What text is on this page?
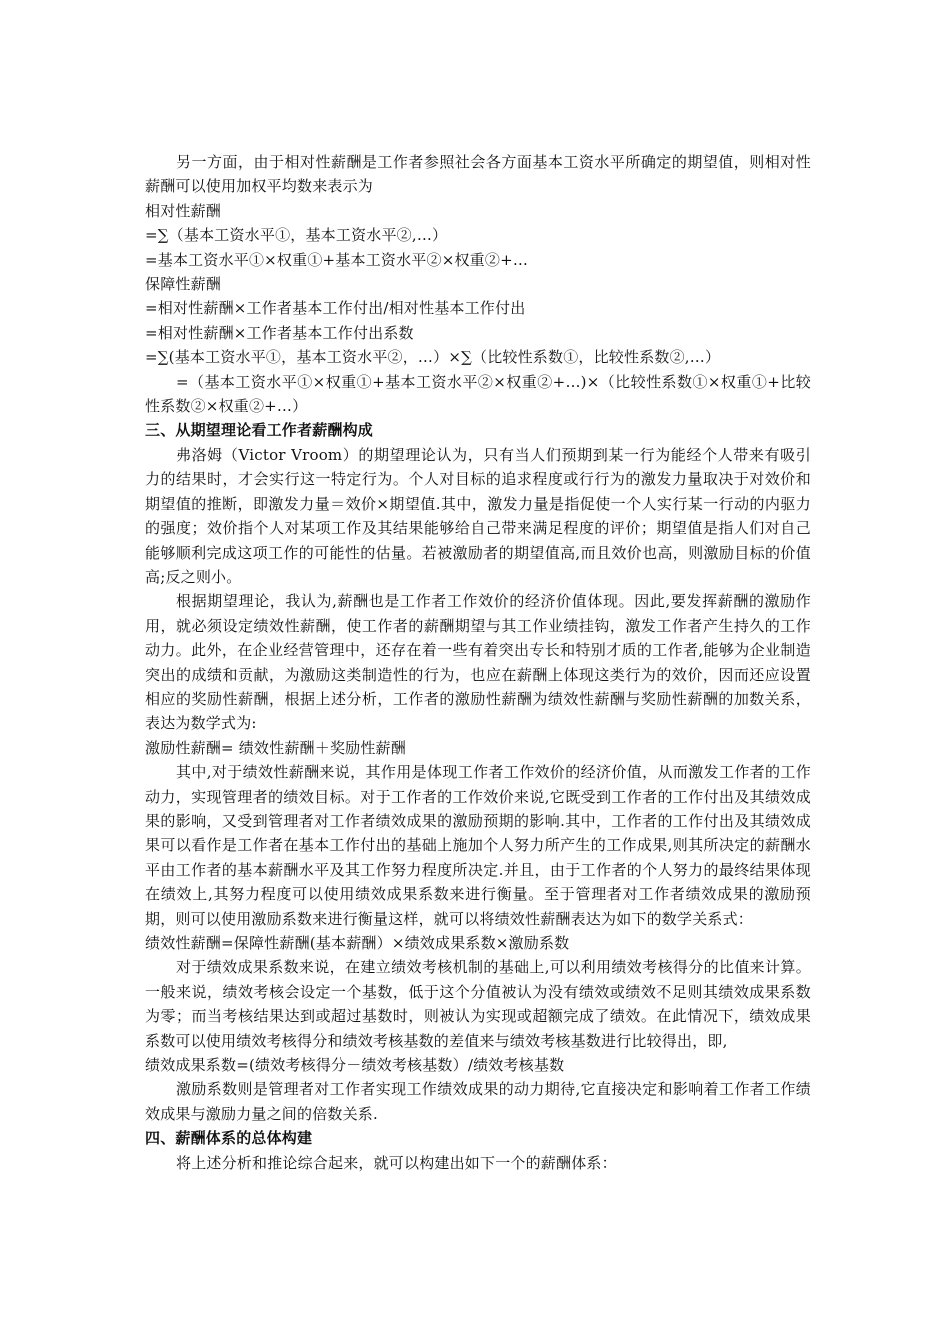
另一方面，由于相对性薪酬是工作者参照社会各方面基本工资水平所确定的期望值，则相对性薪酬可以使用加权平均数来表示为

相对性薪酬

=∑（基本工资水平①，基本工资水平②,…）

=基本工资水平①×权重①+基本工资水平②×权重②+…

保障性薪酬

=相对性薪酬×工作者基本工作付出/相对性基本工作付出

=相对性薪酬×工作者基本工作付出系数

=∑(基本工资水平①，基本工资水平②，…）×∑（比较性系数①，比较性系数②,…）

=（基本工资水平①×权重①+基本工资水平②×权重②+…)×（比较性系数①×权重①+比较性系数②×权重②+…）

三、从期望理论看工作者薪酬构成

弗洛姆（Victor Vroom）的期望理论认为，只有当人们预期到某一行为能经个人带来有吸引力的结果时，才会实行这一特定行为。个人对目标的追求程度或行行为的激发力量取决于对效价和期望值的推断，即激发力量＝效价×期望值.其中，激发力量是指促使一个人实行某一行动的内驱力的强度；效价指个人对某项工作及其结果能够给自己带来满足程度的评价；期望值是指人们对自己能够顺利完成这项工作的可能性的估量。若被激励者的期望值高,而且效价也高，则激励目标的价值高;反之则小。

根据期望理论，我认为,薪酬也是工作者工作效价的经济价值体现。因此,要发挥薪酬的激励作用，就必须设定绩效性薪酬，使工作者的薪酬期望与其工作业绩挂钩，激发工作者产生持久的工作动力。此外，在企业经营管理中，还存在着一些有着突出专长和特别才质的工作者,能够为企业制造突出的成绩和贡献，为激励这类制造性的行为，也应在薪酬上体现这类行为的效价，因而还应设置相应的奖励性薪酬，根据上述分析，工作者的激励性薪酬为绩效性薪酬与奖励性薪酬的加数关系，表达为数学式为:

激励性薪酬= 绩效性薪酬＋奖励性薪酬

其中,对于绩效性薪酬来说，其作用是体现工作者工作效价的经济价值，从而激发工作者的工作动力，实现管理者的绩效目标。对于工作者的工作效价来说,它既受到工作者的工作付出及其绩效成果的影响，又受到管理者对工作者绩效成果的激励预期的影响.其中，工作者的工作付出及其绩效成果可以看作是工作者在基本工作付出的基础上施加个人努力所产生的工作成果,则其所决定的薪酬水平由工作者的基本薪酬水平及其工作努力程度所决定.并且，由于工作者的个人努力的最终结果体现在绩效上,其努力程度可以使用绩效成果系数来进行衡量。至于管理者对工作者绩效成果的激励预期，则可以使用激励系数来进行衡量这样，就可以将绩效性薪酬表达为如下的数学关系式：

绩效性薪酬=保障性薪酬(基本薪酬）×绩效成果系数×激励系数

对于绩效成果系数来说，在建立绩效考核机制的基础上,可以利用绩效考核得分的比值来计算。一般来说，绩效考核会设定一个基数，低于这个分值被认为没有绩效或绩效不足则其绩效成果系数为零；而当考核结果达到或超过基数时，则被认为实现或超额完成了绩效。在此情况下，绩效成果系数可以使用绩效考核得分和绩效考核基数的差值来与绩效考核基数进行比较得出，即,

绩效成果系数=(绩效考核得分－绩效考核基数）/绩效考核基数

激励系数则是管理者对工作者实现工作绩效成果的动力期待,它直接决定和影响着工作者工作绩效成果与激励力量之间的倍数关系.

四、薪酬体系的总体构建

将上述分析和推论综合起来，就可以构建出如下一个的薪酬体系：
